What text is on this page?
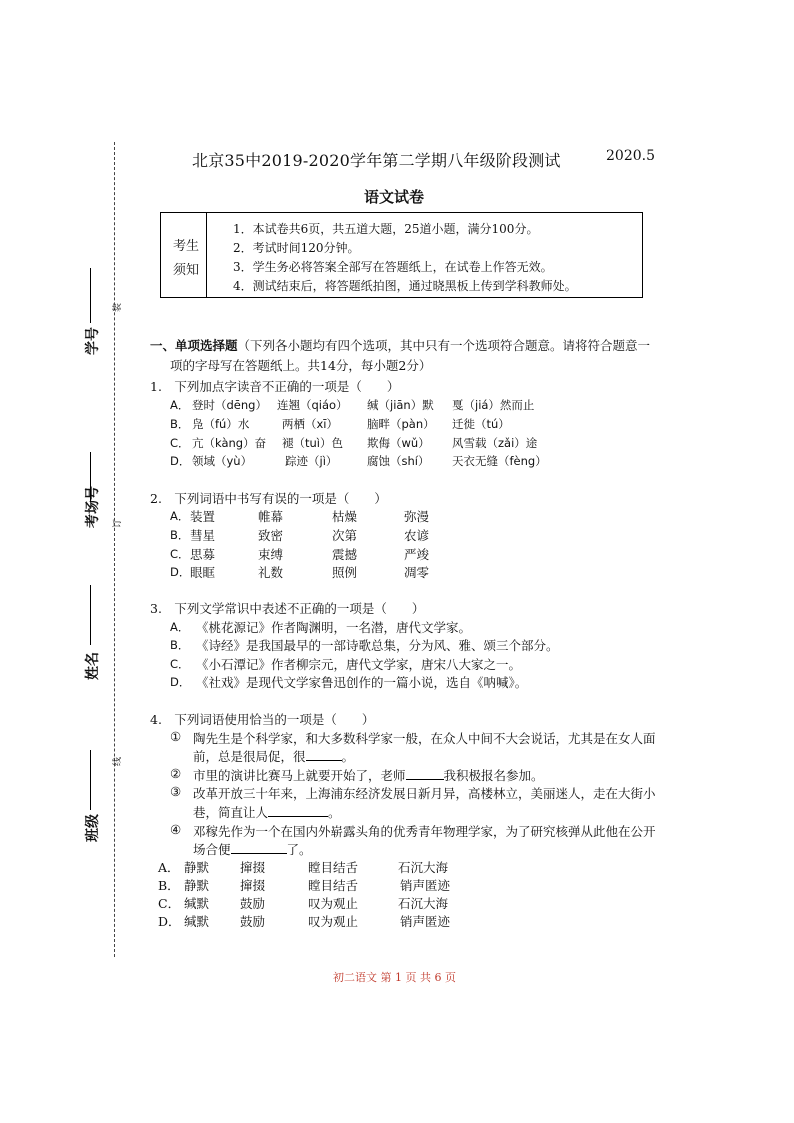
装
订
线
学号
考场号
姓名
班级
北京35中2019-2020学年第二学期八年级阶段测试	2020.5
语文试卷
考生
须知
1．本试卷共6页，共五道大题，25道小题，满分100分。
2．考试时间120分钟。
3．学生务必将答案全部写在答题纸上，在试卷上作答无效。
4．测试结束后，将答题纸拍图，通过晓黑板上传到学科教师处。
一、单项选择题（下列各小题均有四个选项，其中只有一个选项符合题意。请将符合题意一
项的字母写在答题纸上。共14分，每小题2分）
1.　下列加点字读音不正确的一项是（　　）
A． 登时（dēng） 连翘（qiáo） 缄（jiān）默 戛（jiá）然而止
B． 凫（fú）水	两栖（xī）	脑畔（pàn） 迁徙（tú）
C． 亢（kàng）奋 褪（tuì）色 欺侮（wǔ） 风雪载（zǎi）途
D． 领域（yù）	踪迹（jì）	腐蚀（shí） 天衣无缝（fèng）
2.　下列词语中书写有误的一项是（　　）
A． 装置	帷幕	枯燥	弥漫
B． 彗星	致密	次第	农谚
C． 思募	束缚	震撼	严竣
D． 眼眶	礼数	照例	凋零
3.　下列文学常识中表述不正确的一项是（　　）
A． 《桃花源记》作者陶渊明，一名潜，唐代文学家。
B． 《诗经》是我国最早的一部诗歌总集，分为风、雅、颂三个部分。
C． 《小石潭记》作者柳宗元，唐代文学家，唐宋八大家之一。
D． 《社戏》是现代文学家鲁迅创作的一篇小说，选自《呐喊》。
4.　下列词语使用恰当的一项是（　　）
① 陶先生是个科学家，和大多数科学家一般，在众人中间不大会说话，尤其是在女人面
前，总是很局促，很	。
② 市里的演讲比赛马上就要开始了，老师	我积极报名参加。
③ 改革开放三十年来，上海浦东经济发展日新月异，高楼林立，美丽迷人，走在大街小
巷，简直让人	。
④ 邓稼先作为一个在国内外崭露头角的优秀青年物理学家，为了研究核弹从此他在公开
场合便	了。
A． 静默 撺掇	瞠目结舌	石沉大海
B． 静默 撺掇	瞠目结舌	销声匿迹
C． 缄默 鼓励	叹为观止	石沉大海
D． 缄默 鼓励	叹为观止	销声匿迹
初二语文 第 1 页 共 6 页
